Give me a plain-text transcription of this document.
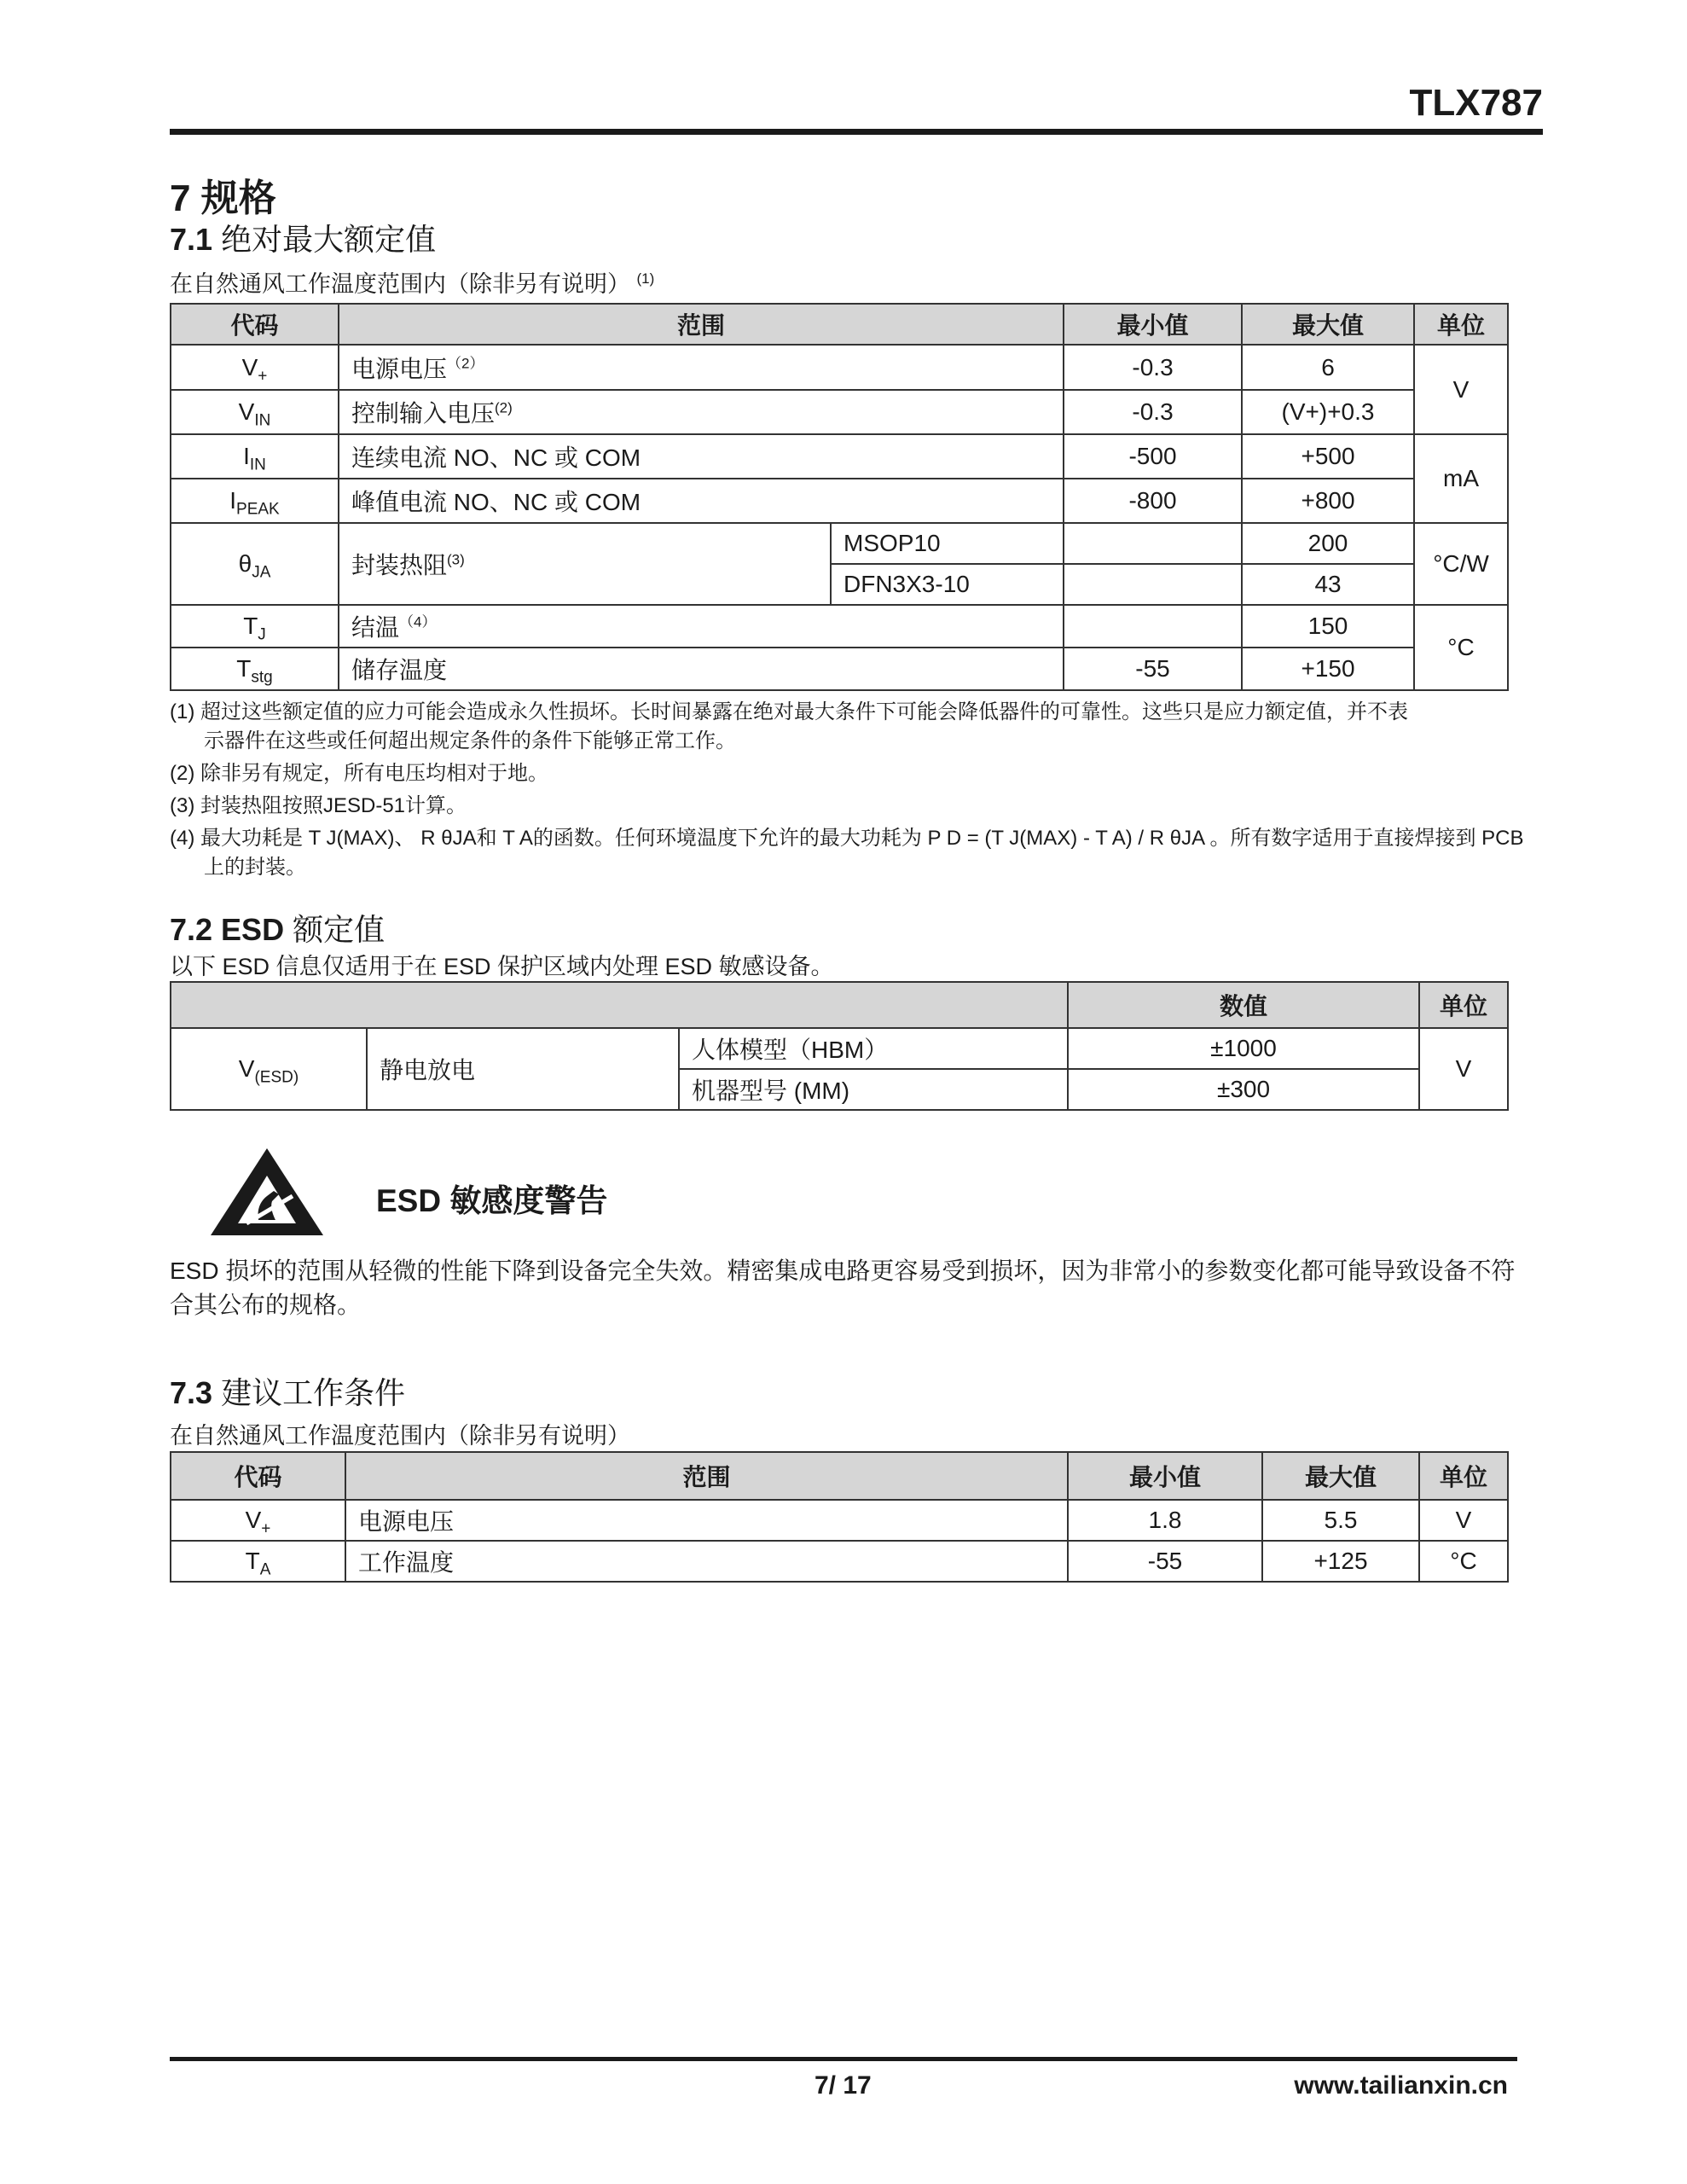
TLX787
7 规格
7.1 绝对最大额定值
在自然通风工作温度范围内（除非另有说明） $^{(1)}$
代码	范围		最小值	最大值	单位
$V_+$	电源电压$^{(2)}$		-0.3	6	V
$V_{IN}$	控制输入电压$^{(2)}$		-0.3	(V+)+0.3	
$I_{IN}$	连续电流 NO、NC 或 COM		-500	+500	mA
$I_{PEAK}$	峰值电流 NO、NC 或 COM		-800	+800	
$\theta_{JA}$	封装热阻$^{(3)}$	MSOP10		200	°C/W
		DFN3X3-10		43	
$T_J$	结温$^{(4)}$			150	°C
$T_{stg}$	储存温度		-55	+150	
(1) 超过这些额定值的应力可能会造成永久性损坏。长时间暴露在绝对最大条件下可能会降低器件的可靠性。这些只是应力额定值，并不表
示器件在这些或任何超出规定条件的条件下能够正常工作。
(2) 除非另有规定，所有电压均相对于地。
(3) 封装热阻按照JESD-51计算。
(4) 最大功耗是 T J(MAX)、 R θJA和 T A的函数。任何环境温度下允许的最大功耗为 P D = (T J(MAX) - T A) / R θJA 。所有数字适用于直接焊接到 PCB
上的封装。
7.2 ESD 额定值
以下 ESD 信息仅适用于在 ESD 保护区域内处理 ESD 敏感设备。
			数值	单位
$V_{(ESD)}$	静电放电	人体模型（HBM）	±1000	V
		机器型号 (MM)	±300	
ESD 敏感度警告
ESD 损坏的范围从轻微的性能下降到设备完全失效。精密集成电路更容易受到损坏，因为非常小的参数变化都可能导致设备不符合其公布的规格。
7.3 建议工作条件
在自然通风工作温度范围内（除非另有说明）
代码	范围	最小值	最大值	单位
$V_+$	电源电压	1.8	5.5	V
$T_A$	工作温度	-55	+125	°C
7/ 17	www.tailianxin.cn
